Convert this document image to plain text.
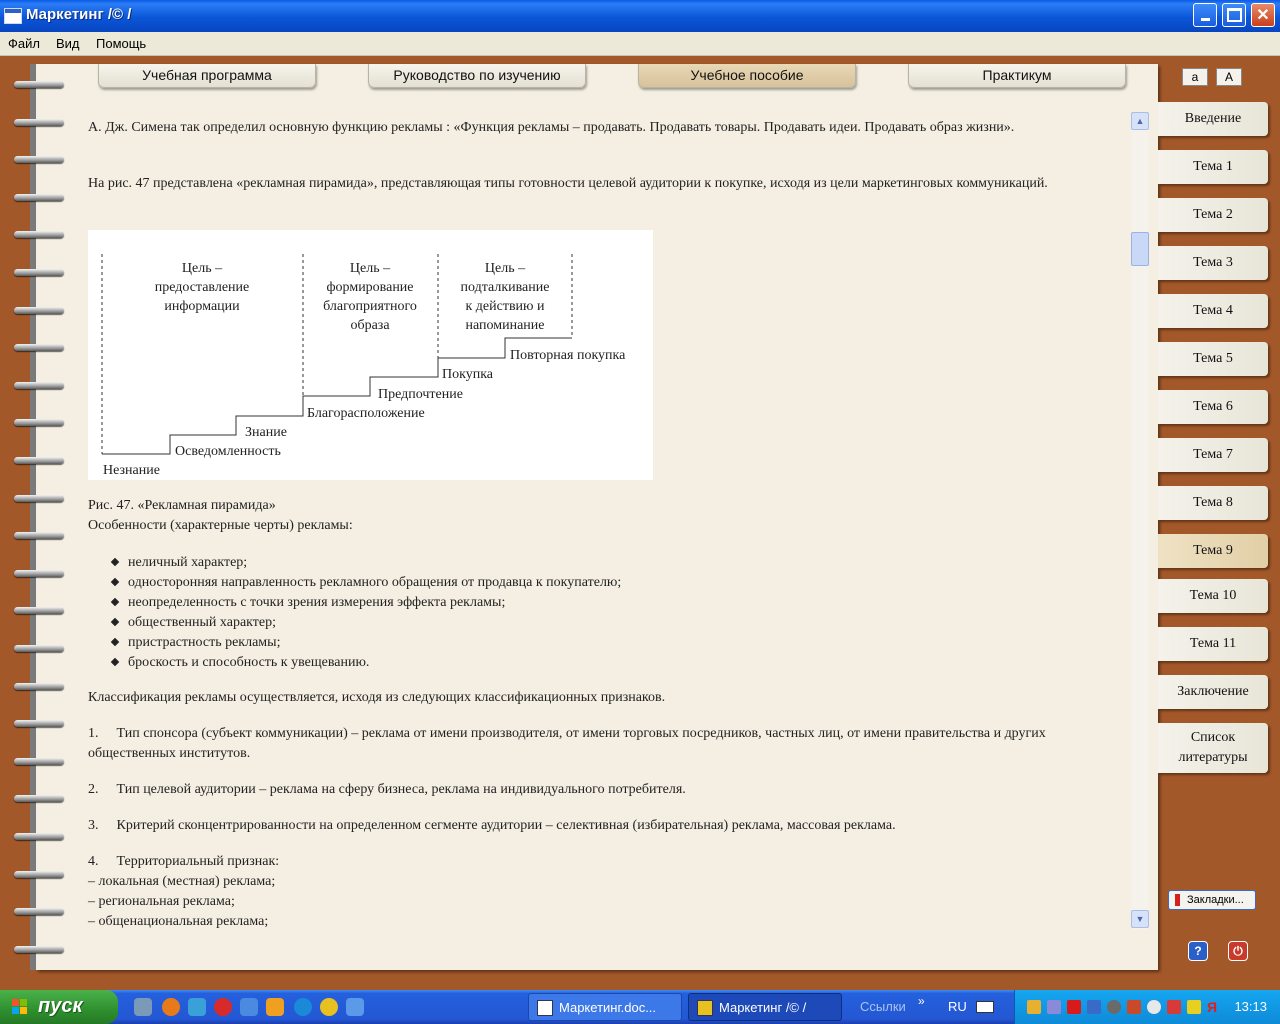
Маркетинг /© /	✕
Файл Вид Помощь
Учебная программа	Руководство по изучению	Учебное пособие	Практикум	a	A

А. Дж. Симена так определил основную функцию рекламы : «Функция рекламы – продавать. Продавать товары. Продавать идеи. Продавать образ жизни».

На рис. 47 представлена «рекламная пирамида», представляющая типы готовности целевой аудитории к покупке, исходя из цели маркетинговых коммуникаций.

Цель –
предоставление
информации
Цель –
формирование
благоприятного
образа
Цель –
подталкивание
к действию и
напоминание
Незнание
Осведомленность
Знание
Благорасположение
Предпочтение
Покупка
Повторная покупка

Рис. 47. «Рекламная пирамида»

Особенности (характерные черты) рекламы:

неличный характер;
односторонняя направленность рекламного обращения от продавца к покупателю;
неопределенность с точки зрения измерения эффекта рекламы;
общественный характер;
пристрастность рекламы;
броскость и способность к увещеванию.

Классификация рекламы осуществляется, исходя из следующих классификационных признаков.

1. Тип спонсора (субъект коммуникации) – реклама от имени производителя, от имени торговых посредников, частных лиц, от имени правительства и других общественных институтов.
2. Тип целевой аудитории – реклама на сферу бизнеса, реклама на индивидуального потребителя.
3. Критерий сконцентрированности на определенном сегменте аудитории – селективная (избирательная) реклама, массовая реклама.
4. Территориальный признак:

– локальная (местная) реклама;

– региональная реклама;

– общенациональная реклама;

▲
▼
Введение
Тема 1
Тема 2
Тема 3
Тема 4
Тема 5
Тема 6
Тема 7
Тема 8
Тема 9
Тема 10
Тема 11
Заключение
Список литературы
Закладки...
?	⏻
пуск	Маркетинг.doc...	Маркетинг /© /	Ссылки » RU	Я	13:13
